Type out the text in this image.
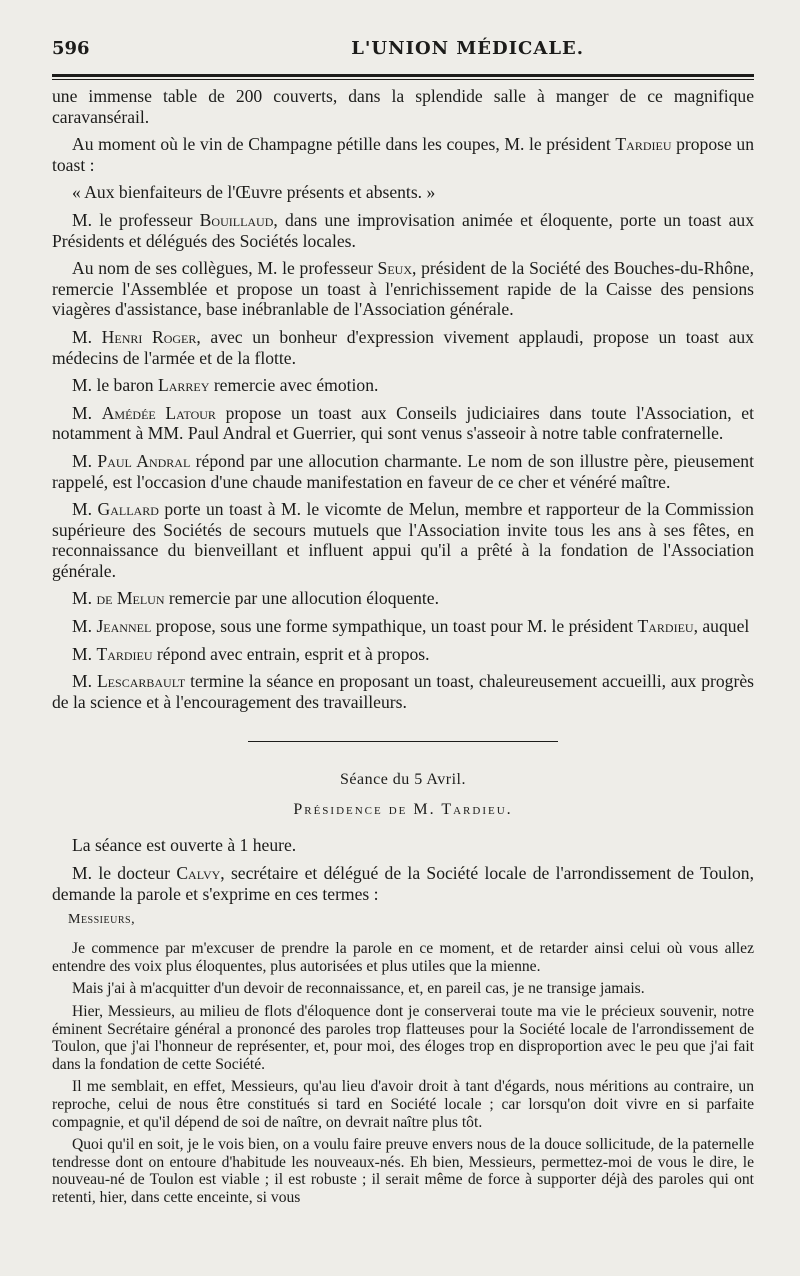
596	L'UNION MÉDICALE.

une immense table de 200 couverts, dans la splendide salle à manger de ce magnifique caravansérail.

Au moment où le vin de Champagne pétille dans les coupes, M. le président Tardieu propose un toast :

« Aux bienfaiteurs de l'Œuvre présents et absents. »

M. le professeur Bouillaud, dans une improvisation animée et éloquente, porte un toast aux Présidents et délégués des Sociétés locales.

Au nom de ses collègues, M. le professeur Seux, président de la Société des Bouches-du-Rhône, remercie l'Assemblée et propose un toast à l'enrichissement rapide de la Caisse des pensions viagères d'assistance, base inébranlable de l'Association générale.

M. Henri Roger, avec un bonheur d'expression vivement applaudi, propose un toast aux médecins de l'armée et de la flotte.

M. le baron Larrey remercie avec émotion.

M. Amédée Latour propose un toast aux Conseils judiciaires dans toute l'Association, et notamment à MM. Paul Andral et Guerrier, qui sont venus s'asseoir à notre table confraternelle.

M. Paul Andral répond par une allocution charmante. Le nom de son illustre père, pieusement rappelé, est l'occasion d'une chaude manifestation en faveur de ce cher et vénéré maître.

M. Gallard porte un toast à M. le vicomte de Melun, membre et rapporteur de la Commission supérieure des Sociétés de secours mutuels que l'Association invite tous les ans à ses fêtes, en reconnaissance du bienveillant et influent appui qu'il a prêté à la fondation de l'Association générale.

M. de Melun remercie par une allocution éloquente.

M. Jeannel propose, sous une forme sympathique, un toast pour M. le président Tardieu, auquel

M. Tardieu répond avec entrain, esprit et à propos.

M. Lescarbault termine la séance en proposant un toast, chaleureusement accueilli, aux progrès de la science et à l'encouragement des travailleurs.

Séance du 5 Avril.
Présidence de M. Tardieu.

La séance est ouverte à 1 heure.

M. le docteur Calvy, secrétaire et délégué de la Société locale de l'arrondissement de Toulon, demande la parole et s'exprime en ces termes :

Messieurs,

Je commence par m'excuser de prendre la parole en ce moment, et de retarder ainsi celui où vous allez entendre des voix plus éloquentes, plus autorisées et plus utiles que la mienne.

Mais j'ai à m'acquitter d'un devoir de reconnaissance, et, en pareil cas, je ne transige jamais.

Hier, Messieurs, au milieu de flots d'éloquence dont je conserverai toute ma vie le précieux souvenir, notre éminent Secrétaire général a prononcé des paroles trop flatteuses pour la Société locale de l'arrondissement de Toulon, que j'ai l'honneur de représenter, et, pour moi, des éloges trop en disproportion avec le peu que j'ai fait dans la fondation de cette Société.

Il me semblait, en effet, Messieurs, qu'au lieu d'avoir droit à tant d'égards, nous méritions au contraire, un reproche, celui de nous être constitués si tard en Société locale ; car lorsqu'on doit vivre en si parfaite compagnie, et qu'il dépend de soi de naître, on devrait naître plus tôt.

Quoi qu'il en soit, je le vois bien, on a voulu faire preuve envers nous de la douce sollicitude, de la paternelle tendresse dont on entoure d'habitude les nouveaux-nés. Eh bien, Messieurs, permettez-moi de vous le dire, le nouveau-né de Toulon est viable ; il est robuste ; il serait même de force à supporter déjà des paroles qui ont retenti, hier, dans cette enceinte, si vous
